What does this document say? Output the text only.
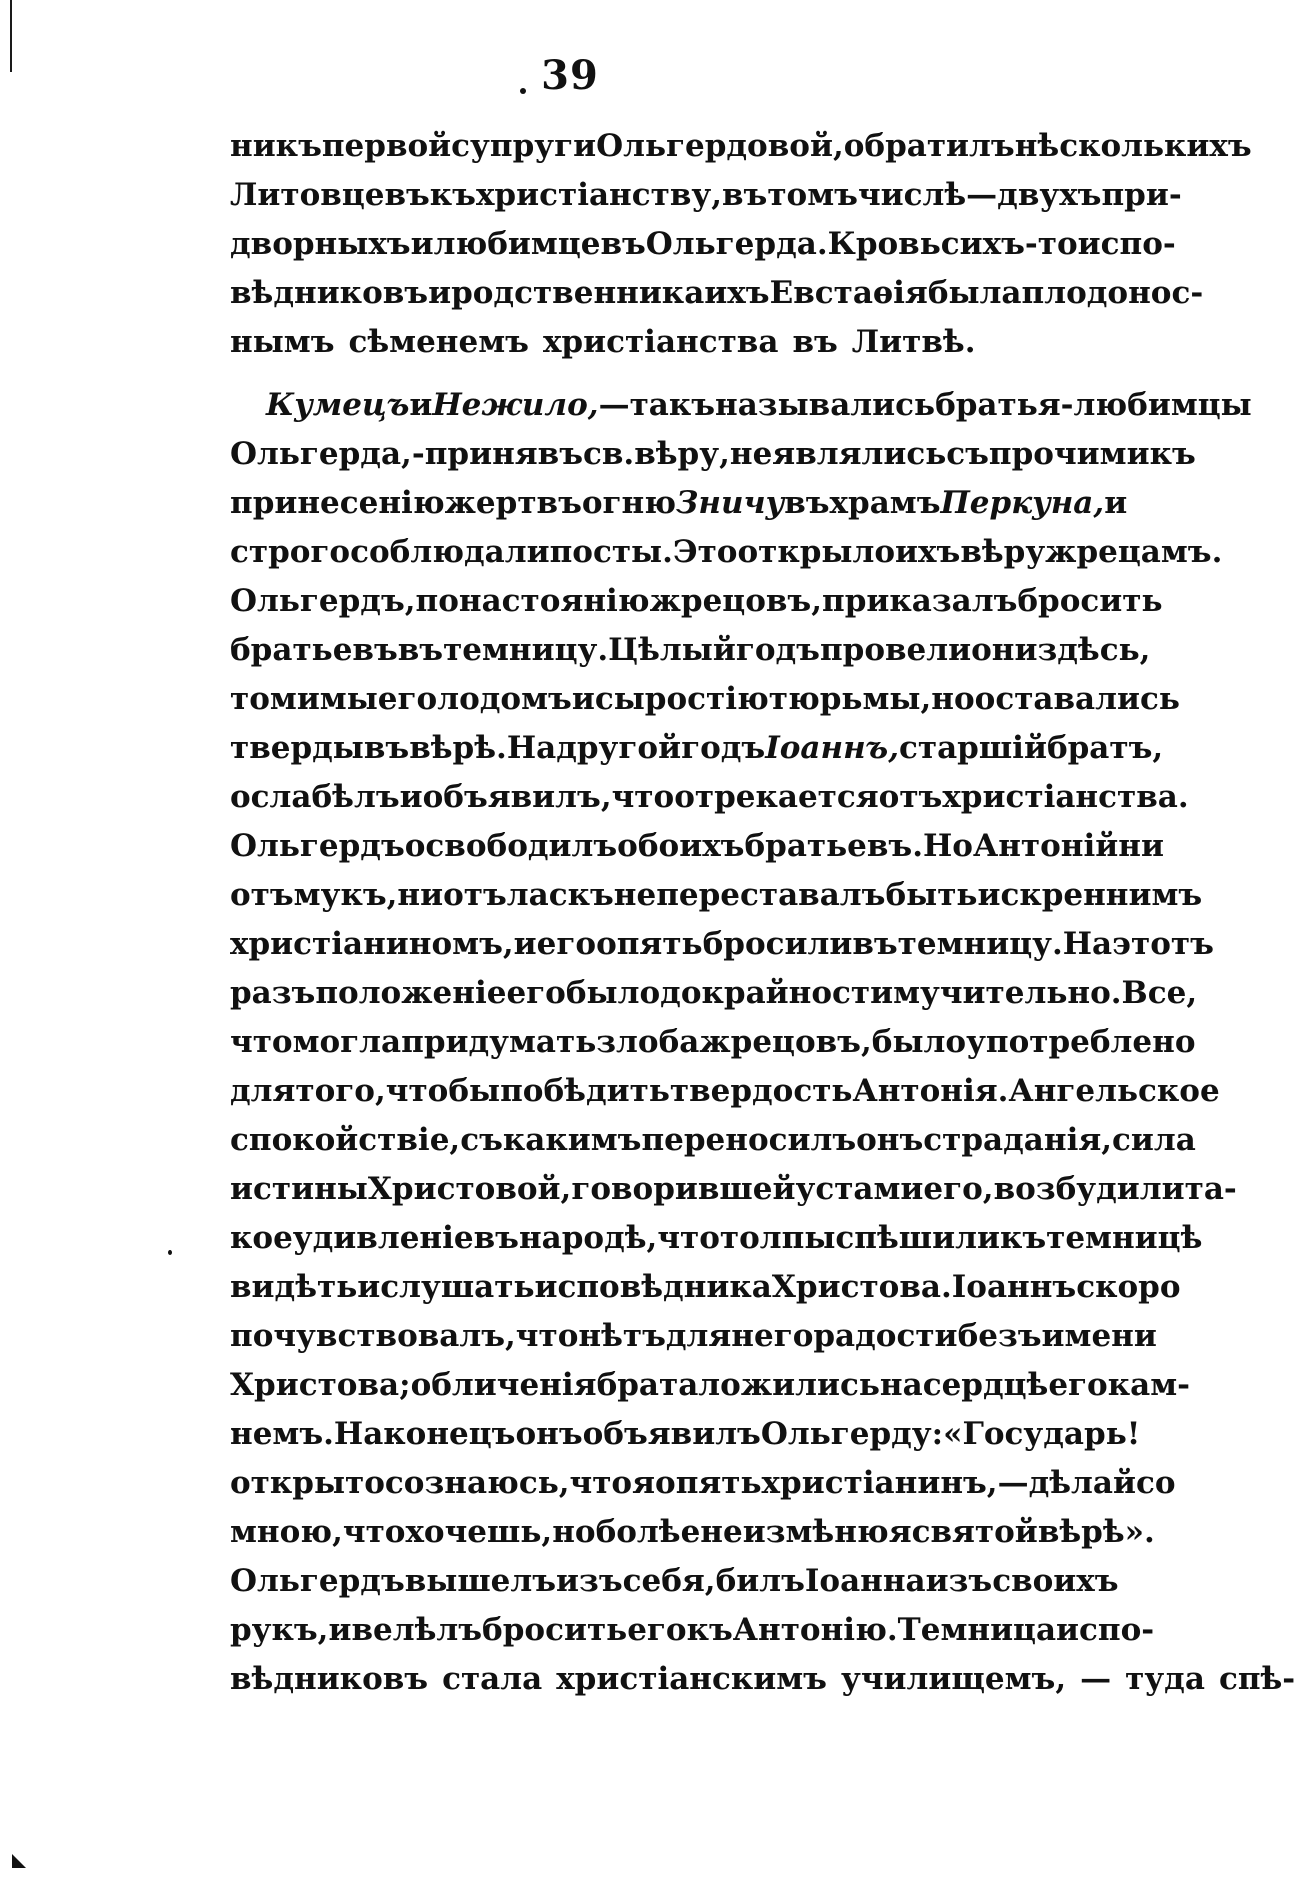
39
никъ первой супруги Ольгердовой, обратилъ нѣсколькихъ
Литовцевъ къ христіанству, въ томъ числѣ — двухъ при-
дворныхъ и любимцевъ Ольгерда. Кровь сихъ-то испо-
вѣдниковъ и родственника ихъ Евстаѳія была плодонос-
нымъ сѣменемъ христіанства въ Литвѣ.
Кумецъ и Нежило, — такъ назывались братья-любимцы
Ольгерда, - принявъ св. вѣру, не являлись съ прочими къ
принесенію жертвъ огню Зничу въ храмъ Перкуна, и
строго соблюдали посты. Это открыло ихъ вѣру жрецамъ.
Ольгердъ, по настоянію жрецовъ, приказалъ бросить
братьевъ въ темницу. Цѣлый годъ провели они здѣсь,
томимые голодомъ и сыростію тюрьмы, но оставались
тверды въ вѣрѣ. На другой годъ Іоаннъ, старшій братъ,
ослабѣлъ и объявилъ, что отрекается отъ христіанства.
Ольгердъ освободилъ обоихъ братьевъ. Но Антоній ни
отъ мукъ, ни отъ ласкъ не переставалъ быть искреннимъ
христіаниномъ, и его опять бросили въ темницу. На этотъ
разъ положеніе его было до крайности мучительно. Все,
что могла придумать злоба жрецовъ, было употреблено
для того, чтобы побѣдить твердость Антонія. Ангельское
спокойствіе, съ какимъ переносилъ онъ страданія, сила
истины Христовой, говорившей устами его, возбудили та-
кое удивленіе въ народѣ, что толпы спѣшили къ темницѣ
видѣть и слушать исповѣдника Христова. Іоаннъ скоро
почувствовалъ, что нѣтъ для него радости безъ имени
Христова; обличенія брата ложились на сердцѣ его кам-
немъ. Наконецъ онъ объявилъ Ольгерду: «Государь!
открыто сознаюсь, что я опять христіанинъ, — дѣлай со
мною, что хочешь, но болѣе не измѣню я святой вѣрѣ».
Ольгердъ вышелъ изъ себя, билъ Іоанна изъ своихъ
рукъ, и велѣлъ бросить его къ Антонію. Темница испо-
вѣдниковъ стала христіанскимъ училищемъ, — туда спѣ-
